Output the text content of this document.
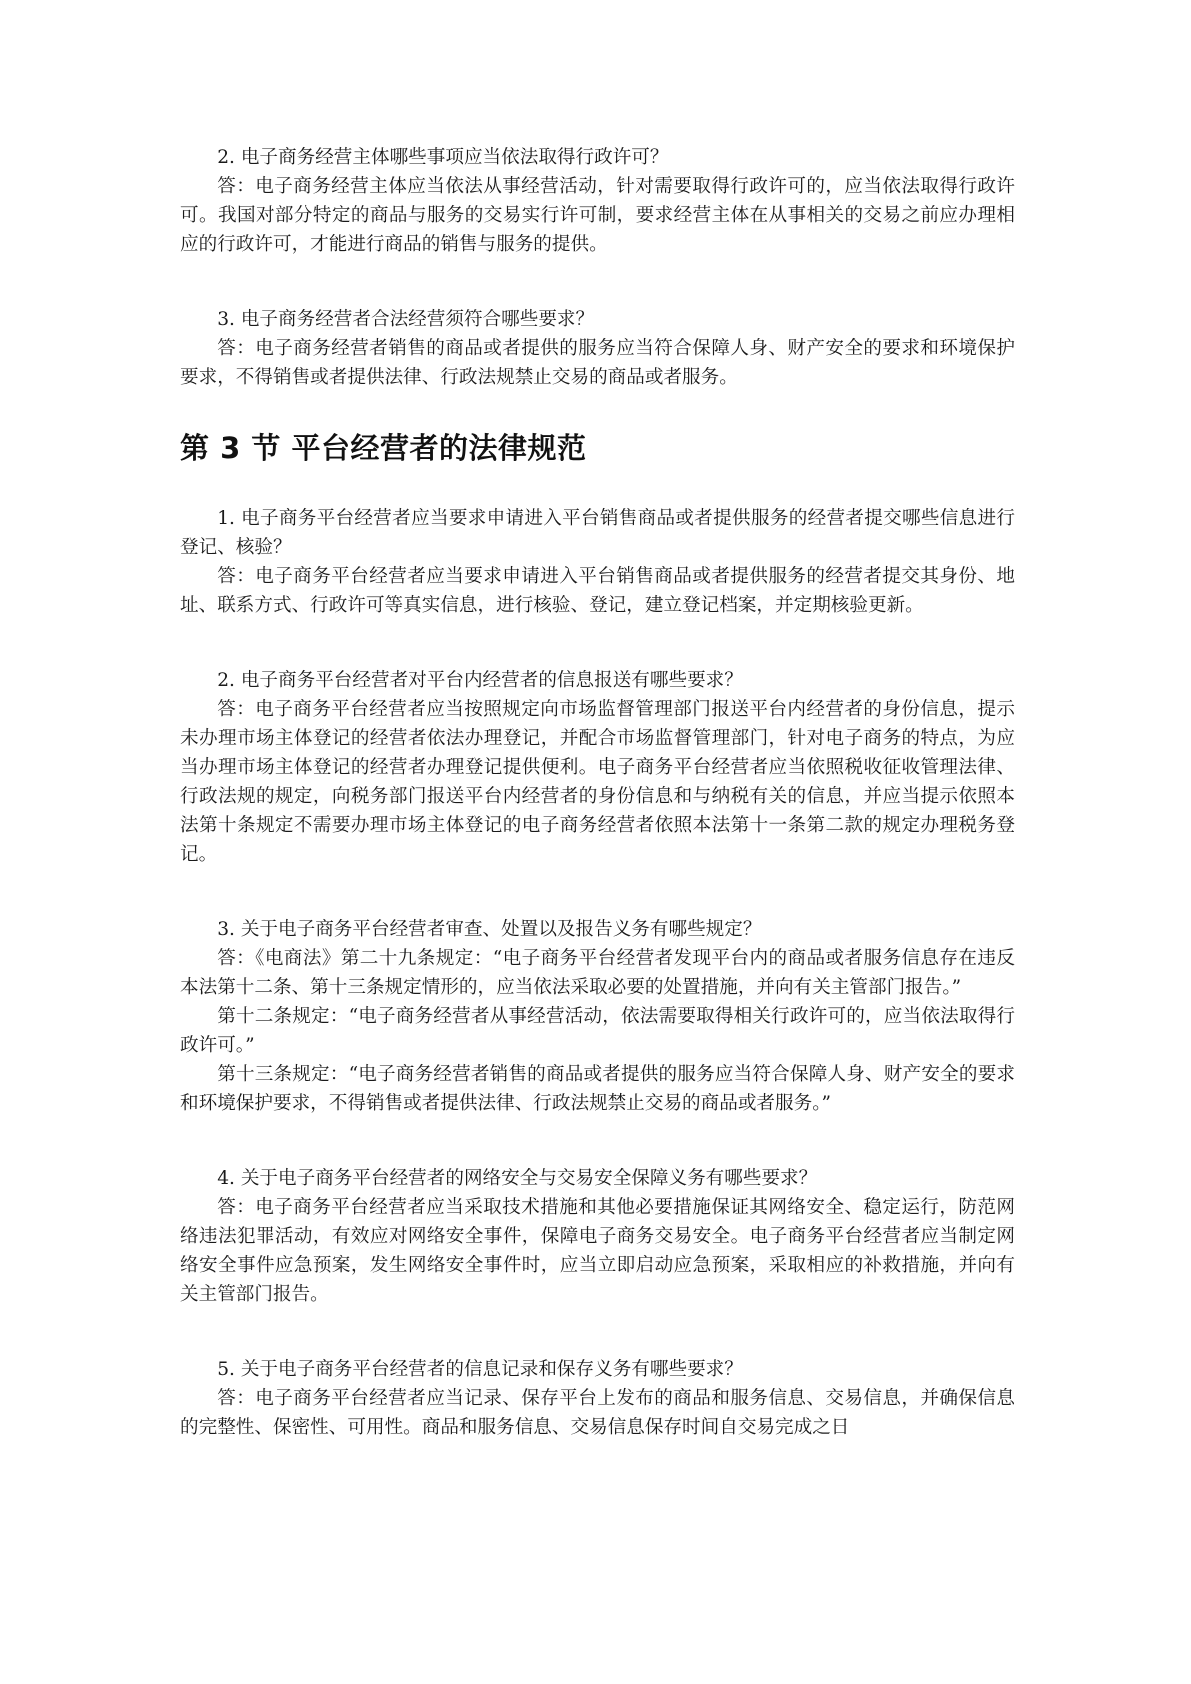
2. 电子商务经营主体哪些事项应当依法取得行政许可？

答：电子商务经营主体应当依法从事经营活动，针对需要取得行政许可的，应当依法取得行政许可。我国对部分特定的商品与服务的交易实行许可制，要求经营主体在从事相关的交易之前应办理相应的行政许可，才能进行商品的销售与服务的提供。

3. 电子商务经营者合法经营须符合哪些要求？

答：电子商务经营者销售的商品或者提供的服务应当符合保障人身、财产安全的要求和环境保护要求，不得销售或者提供法律、行政法规禁止交易的商品或者服务。

第 3 节 平台经营者的法律规范

1. 电子商务平台经营者应当要求申请进入平台销售商品或者提供服务的经营者提交哪些信息进行登记、核验？

答：电子商务平台经营者应当要求申请进入平台销售商品或者提供服务的经营者提交其身份、地址、联系方式、行政许可等真实信息，进行核验、登记，建立登记档案，并定期核验更新。

2. 电子商务平台经营者对平台内经营者的信息报送有哪些要求？

答：电子商务平台经营者应当按照规定向市场监督管理部门报送平台内经营者的身份信息，提示未办理市场主体登记的经营者依法办理登记，并配合市场监督管理部门，针对电子商务的特点，为应当办理市场主体登记的经营者办理登记提供便利。电子商务平台经营者应当依照税收征收管理法律、行政法规的规定，向税务部门报送平台内经营者的身份信息和与纳税有关的信息，并应当提示依照本法第十条规定不需要办理市场主体登记的电子商务经营者依照本法第十一条第二款的规定办理税务登记。

3. 关于电子商务平台经营者审查、处置以及报告义务有哪些规定？

答：《电商法》第二十九条规定：“电子商务平台经营者发现平台内的商品或者服务信息存在违反本法第十二条、第十三条规定情形的，应当依法采取必要的处置措施，并向有关主管部门报告。”

第十二条规定：“电子商务经营者从事经营活动，依法需要取得相关行政许可的，应当依法取得行政许可。”

第十三条规定：“电子商务经营者销售的商品或者提供的服务应当符合保障人身、财产安全的要求和环境保护要求，不得销售或者提供法律、行政法规禁止交易的商品或者服务。”

4. 关于电子商务平台经营者的网络安全与交易安全保障义务有哪些要求？

答：电子商务平台经营者应当采取技术措施和其他必要措施保证其网络安全、稳定运行，防范网络违法犯罪活动，有效应对网络安全事件，保障电子商务交易安全。电子商务平台经营者应当制定网络安全事件应急预案，发生网络安全事件时，应当立即启动应急预案，采取相应的补救措施，并向有关主管部门报告。

5. 关于电子商务平台经营者的信息记录和保存义务有哪些要求？

答：电子商务平台经营者应当记录、保存平台上发布的商品和服务信息、交易信息，并确保信息的完整性、保密性、可用性。商品和服务信息、交易信息保存时间自交易完成之日
